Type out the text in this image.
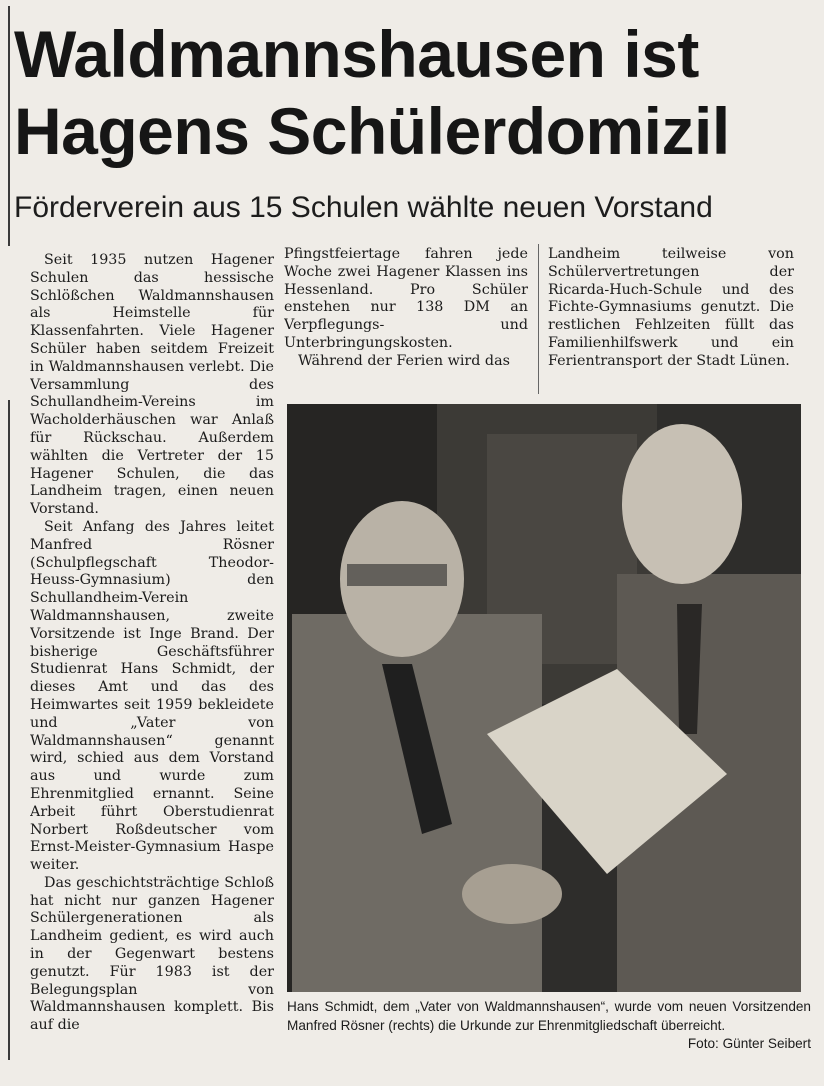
Waldmannshausen ist
Hagens Schülerdomizil
Förderverein aus 15 Schulen wählte neuen Vorstand

Seit 1935 nutzen Hagener Schulen das hessische Schlößchen Waldmannshausen als Heimstelle für Klassenfahrten. Viele Hagener Schüler haben seitdem Freizeit in Waldmannshausen verlebt. Die Versammlung des Schullandheim-Vereins im Wacholderhäuschen war Anlaß für Rückschau. Außerdem wählten die Vertreter der 15 Hagener Schulen, die das Landheim tragen, einen neuen Vorstand.

Seit Anfang des Jahres leitet Manfred Rösner (Schulpflegschaft Theodor-Heuss-Gymnasium) den Schullandheim-Verein Waldmannshausen, zweite Vorsitzende ist Inge Brand. Der bisherige Geschäftsführer Studienrat Hans Schmidt, der dieses Amt und das des Heimwartes seit 1959 bekleidete und „Vater von Waldmannshausen“ genannt wird, schied aus dem Vorstand aus und wurde zum Ehrenmitglied ernannt. Seine Arbeit führt Oberstudienrat Norbert Roßdeutscher vom Ernst-Meister-Gymnasium Haspe weiter.

Das geschichtsträchtige Schloß hat nicht nur ganzen Hagener Schülergenerationen als Landheim gedient, es wird auch in der Gegenwart bestens genutzt. Für 1983 ist der Belegungsplan von Waldmannshausen komplett. Bis auf die

Pfingstfeiertage fahren jede Woche zwei Hagener Klassen ins Hessenland. Pro Schüler enstehen nur 138 DM an Verpflegungs- und Unterbringungskosten.

Während der Ferien wird das

Landheim teilweise von Schülervertretungen der Ricarda-Huch-Schule und des Fichte-Gymnasiums genutzt. Die restlichen Fehlzeiten füllt das Familienhilfswerk und ein Ferientransport der Stadt Lünen.

Hans Schmidt, dem „Vater von Waldmannshausen“, wurde vom neuen Vorsitzenden Manfred Rösner (rechts) die Urkunde zur Ehrenmitgliedschaft überreicht.
Foto: Günter Seibert
